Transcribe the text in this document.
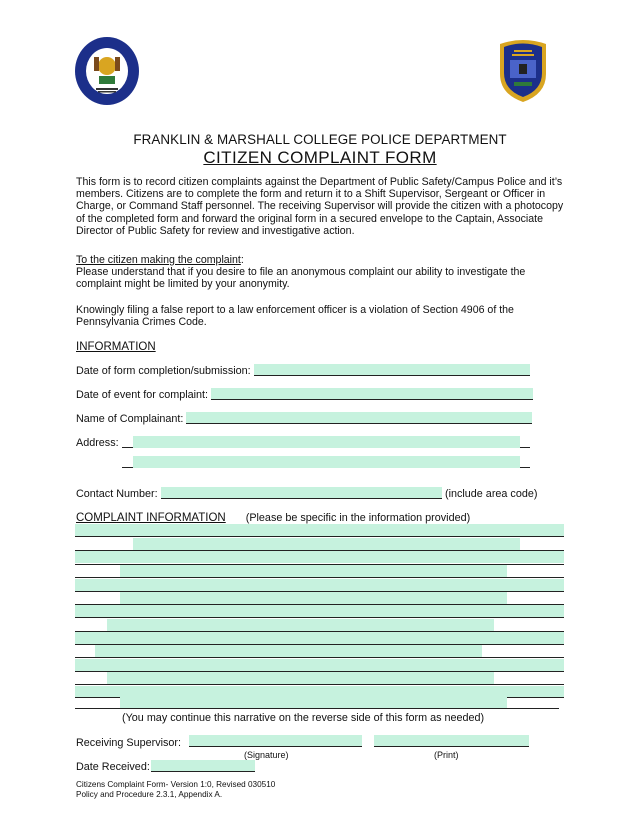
FRANKLIN & MARSHALL COLLEGE POLICE DEPARTMENT
CITIZEN COMPLAINT FORM
This form is to record citizen complaints against the Department of Public Safety/Campus Police and it’s
members. Citizens are to complete the form and return it to a Shift Supervisor, Sergeant or Officer in
Charge, or Command Staff personnel. The receiving Supervisor will provide the citizen with a photocopy
of the completed form and forward the original form in a secured envelope to the Captain, Associate
Director of Public Safety for review and investigative action.
To the citizen making the complaint:
Please understand that if you desire to file an anonymous complaint our ability to investigate the
complaint might be limited by your anonymity.
Knowingly filing a false report to a law enforcement officer is a violation of Section 4906 of the
Pennsylvania Crimes Code.
INFORMATION
Date of form completion/submission:
Date of event for complaint:
Name of Complainant:
Address:
Contact Number:	(include area code)
COMPLAINT INFORMATION (Please be specific in the information provided)
(You may continue this narrative on the reverse side of this form as needed)
Receiving Supervisor:
(Signature)	(Print)
Date Received:
Citizens Complaint Form- Version 1:0, Revised 030510
Policy and Procedure 2.3.1, Appendix A.
